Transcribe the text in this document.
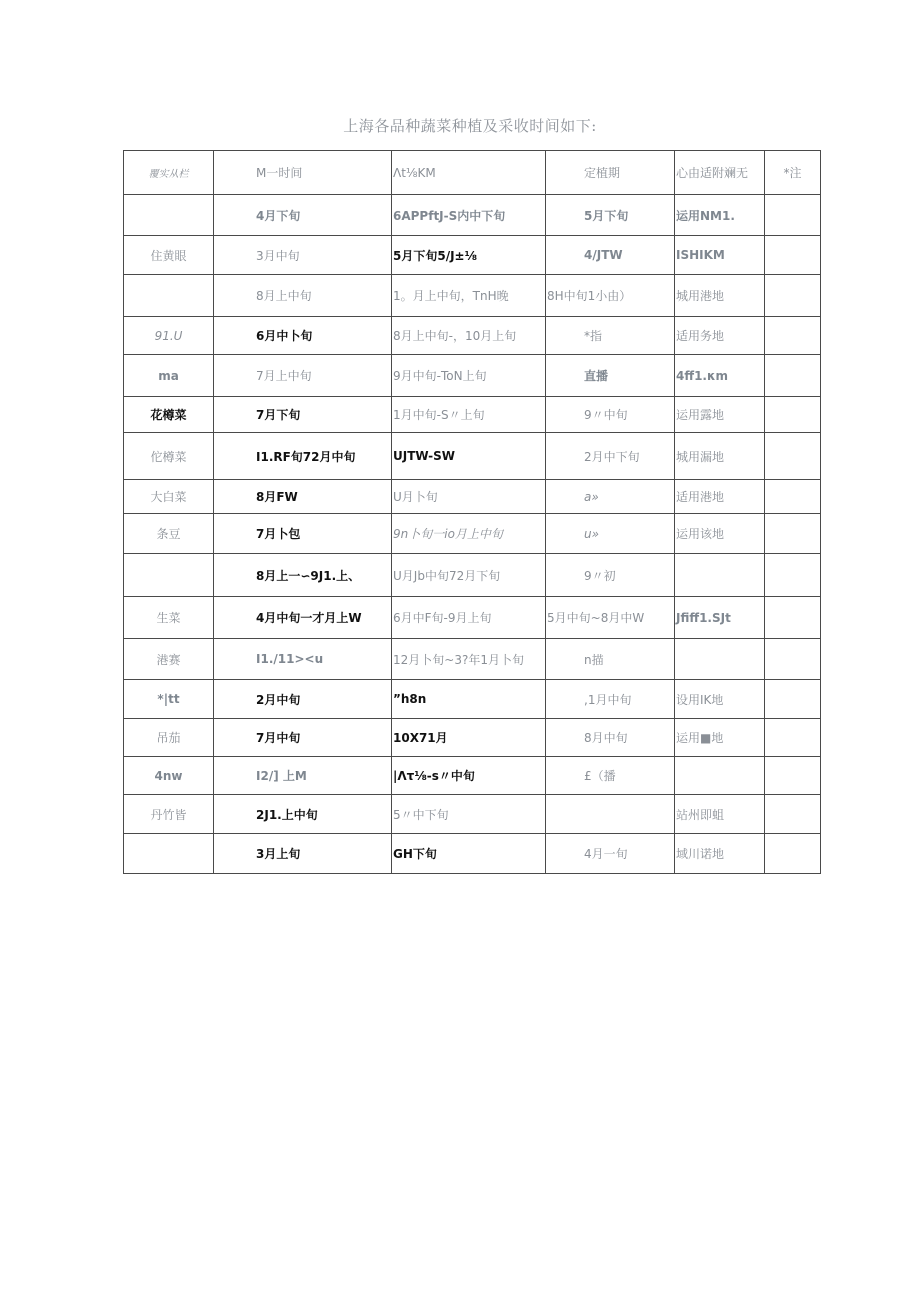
上海各品种蔬菜种植及采收时间如下:
覆实从栏	M一时间	Λt⅛KM	定植期	心由适附斓无	*注
	4月下旬	6APPftJ-S内中下旬	5月下旬	运用NM1.	
住黄眼	3月中旬	5月下旬5/J±⅛	4/JTW	ISHIKM	
	8月上中旬	1。月上中旬，TnH晚	8H中旬1小由）	城用港地	
91.U	6月中卜旬	8月上中旬-，10月上旬	*指	适用务地	
ma	7月上中旬	9月中旬-ToN上旬	直播	4ff1.κm	
花樽菜	7月下旬	1月中旬-S〃上旬	9〃中旬	运用露地	
佗樽菜	I1.RF旬72月中旬	UJTW-SW	2月中下旬	城用漏地	
大白菜	8月FW	U月卜旬	a»	适用港地	
条豆	7月卜包	9n卜旬一io月上中旬	u»	运用该地	
	8月上一∽9J1.上、	U月Jb中旬72月下旬	9〃初		
生菜	4月中旬一才月上W	6月中F旬-9月上旬	5月中旬~8月中W	Jfiff1.SJt	
港赛	I1./11><u	12月卜旬~3?年1月卜旬	n描		
*|tt	2月中旬	”h8n	,1月中旬	设用IK地	
吊茄	7月中旬	10X71月	8月中旬	运用■地	
4nw	I2/] 上M	|Λτ⅛-s〃中旬	£（播		
丹竹皆	2J1.上中旬	5〃中下旬		站州即蛆	
	3月上旬	GH下旬	4月一旬	域川诺地	
